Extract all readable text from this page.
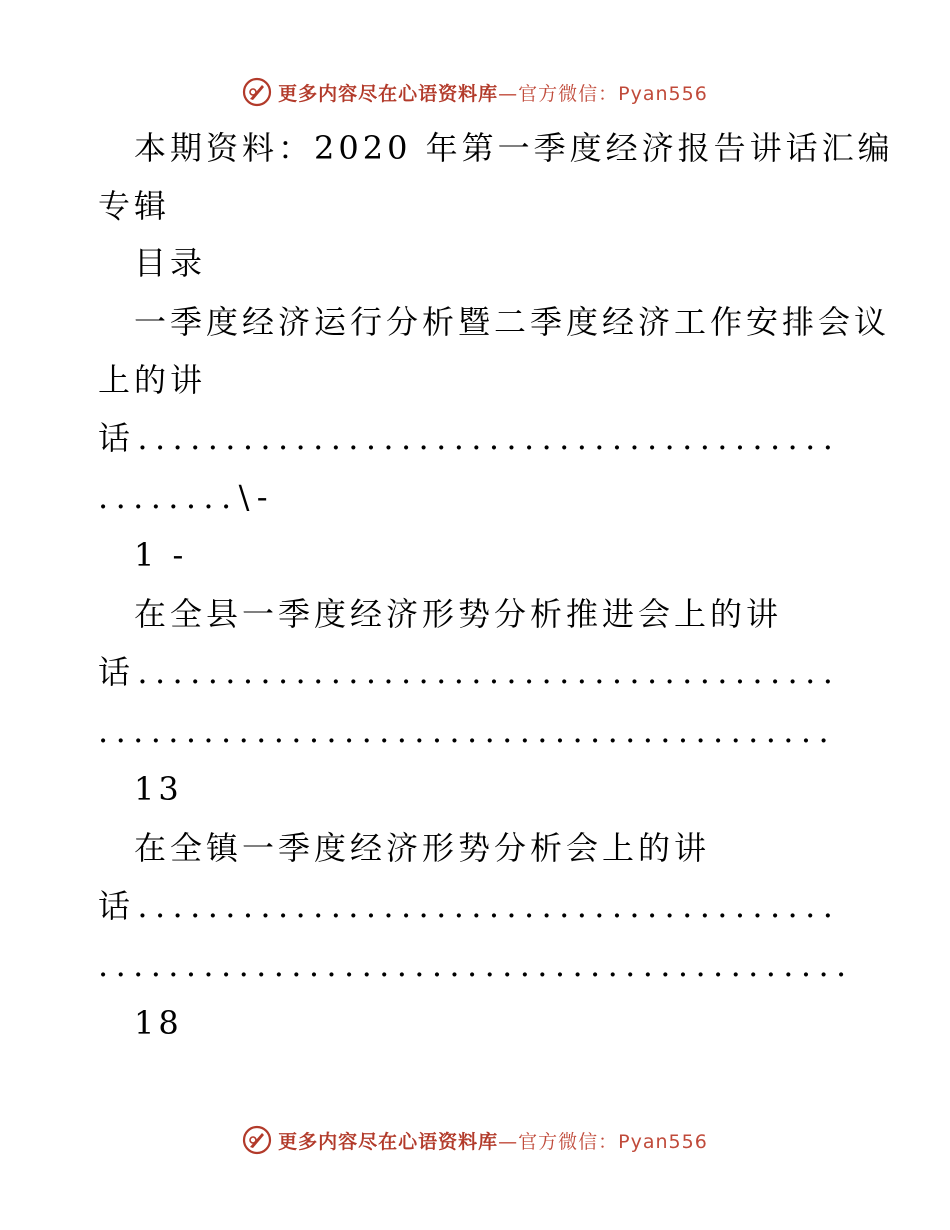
更多内容尽在心语资料库—官方微信：Pyan556
本期资料：2020 年第一季度经济报告讲话汇编
专辑
目录
一季度经济运行分析暨二季度经济工作安排会议
上的讲
话........................................
........\-
1 -
在全县一季度经济形势分析推进会上的讲
话........................................
..........................................
13
在全镇一季度经济形势分析会上的讲
话........................................
...........................................
18
更多内容尽在心语资料库—官方微信：Pyan556
